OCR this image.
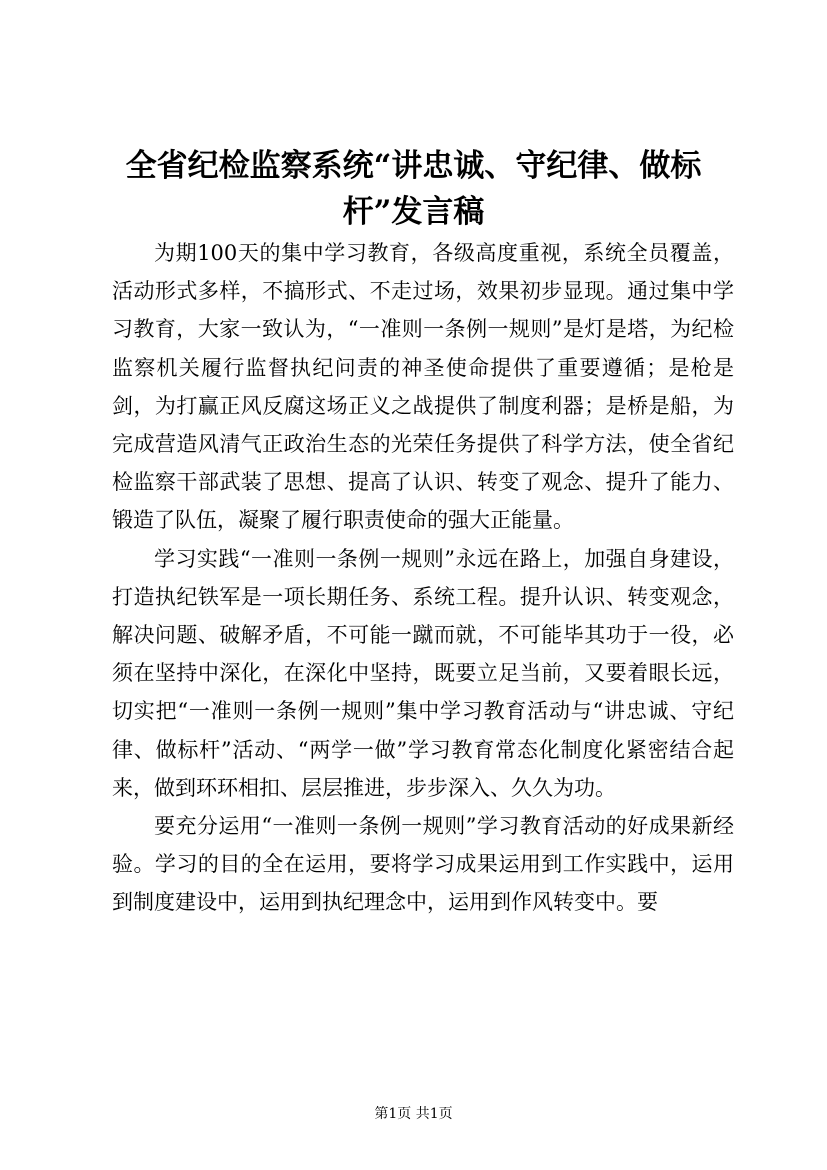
全省纪检监察系统“讲忠诚、守纪律、做标杆”发言稿

为期100天的集中学习教育，各级高度重视，系统全员覆盖，活动形式多样，不搞形式、不走过场，效果初步显现。通过集中学习教育，大家一致认为，“一准则一条例一规则”是灯是塔，为纪检监察机关履行监督执纪问责的神圣使命提供了重要遵循；是枪是剑，为打赢正风反腐这场正义之战提供了制度利器；是桥是船，为完成营造风清气正政治生态的光荣任务提供了科学方法，使全省纪检监察干部武装了思想、提高了认识、转变了观念、提升了能力、锻造了队伍，凝聚了履行职责使命的强大正能量。

学习实践“一准则一条例一规则”永远在路上，加强自身建设，打造执纪铁军是一项长期任务、系统工程。提升认识、转变观念，解决问题、破解矛盾，不可能一蹴而就，不可能毕其功于一役，必须在坚持中深化，在深化中坚持，既要立足当前，又要着眼长远，切实把“一准则一条例一规则”集中学习教育活动与“讲忠诚、守纪律、做标杆”活动、“两学一做”学习教育常态化制度化紧密结合起来，做到环环相扣、层层推进，步步深入、久久为功。

要充分运用“一准则一条例一规则”学习教育活动的好成果新经验。学习的目的全在运用，要将学习成果运用到工作实践中，运用到制度建设中，运用到执纪理念中，运用到作风转变中。要

第1页 共1页
